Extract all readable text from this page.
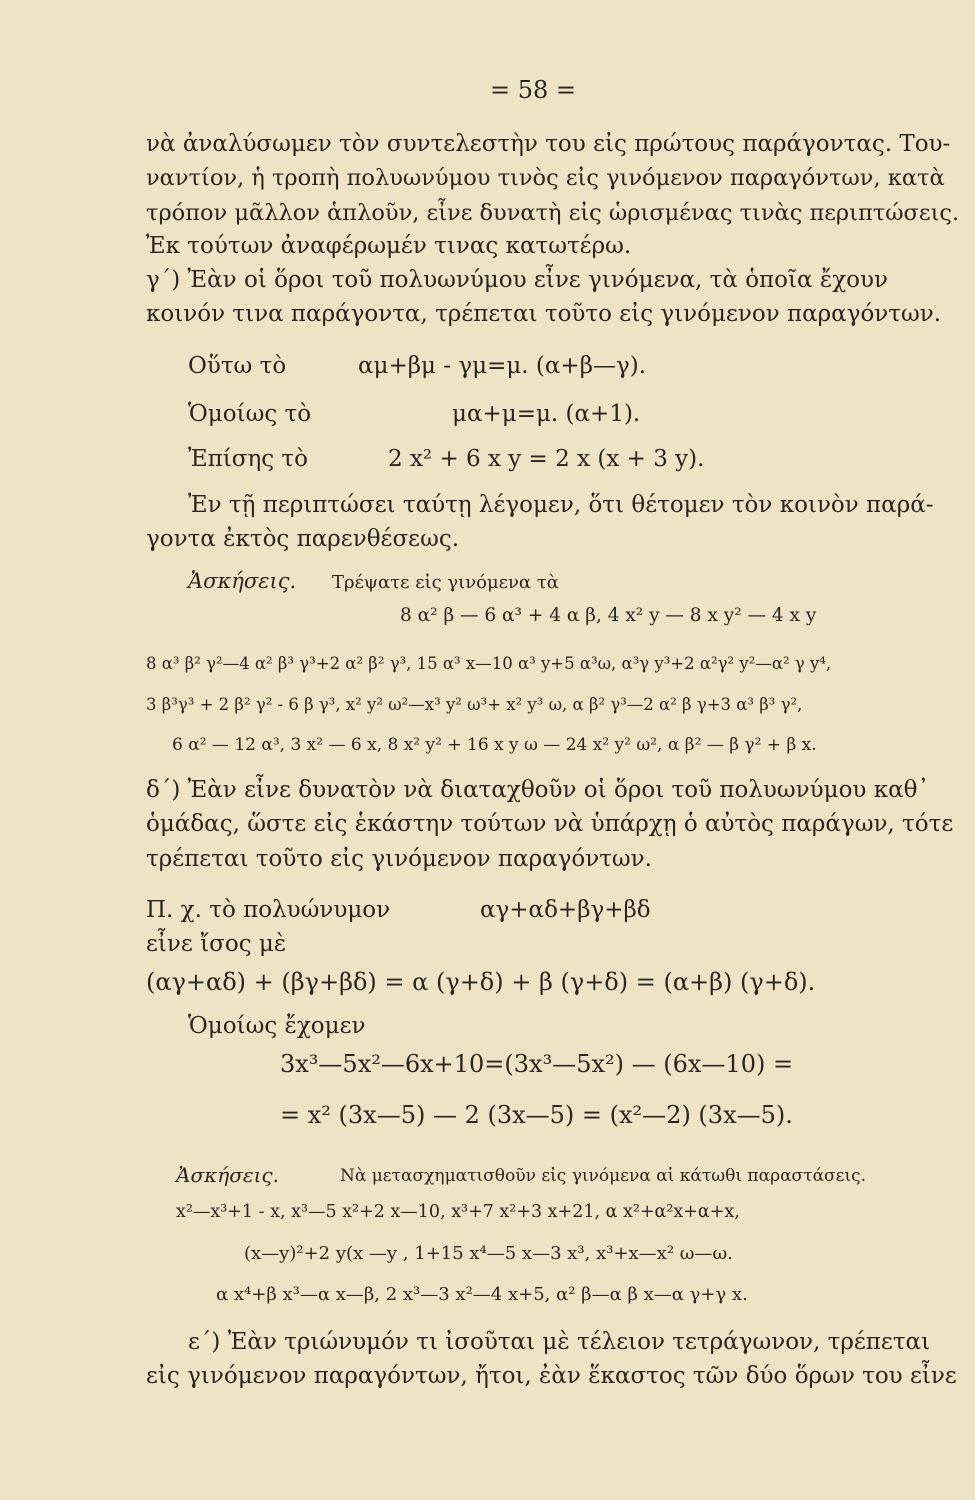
= 58 =
νὰ ἀναλύσωμεν τὸν συντελεστὴν του εἰς πρώτους παράγοντας. Του-
ναντίον, ἡ τροπὴ πολυωνύμου τινὸς εἰς γινόμενον παραγόντων, κατὰ
τρόπον μᾶλλον ἁπλοῦν, εἶνε δυνατὴ εἰς ὡρισμένας τινὰς περιπτώσεις.
Ἐκ τούτων ἀναφέρωμέν τινας κατωτέρω.
γ΄) Ἐὰν οἱ ὅροι τοῦ πολυωνύμου εἶνε γινόμενα, τὰ ὁποῖα ἔχουν
κοινόν τινα παράγοντα, τρέπεται τοῦτο εἰς γινόμενον παραγόντων.
Οὕτω τὸ	αμ+βμ - γμ=μ. (α+β—γ).
Ὁμοίως τὸ	μα+μ=μ. (α+1).
Ἐπίσης τὸ	2 x² + 6 x y = 2 x (x + 3 y).
Ἐν τῇ περιπτώσει ταύτῃ λέγομεν, ὅτι θέτομεν τὸν κοινὸν παρά-
γοντα ἐκτὸς παρενθέσεως.
Ἀσκήσεις. Τρέψατε εἰς γινόμενα τὰ
8 α² β — 6 α³ + 4 α β, 4 x² y — 8 x y² — 4 x y
8 α³ β² γ²—4 α² β³ γ³+2 α² β² γ³, 15 α³ x—10 α³ y+5 α³ω, α³γ y³+2 α²γ² y²—α² γ y⁴,
3 β³γ³ + 2 β² γ² - 6 β γ³, x² y² ω²—x³ y² ω³+ x² y³ ω, α β² γ³—2 α² β γ+3 α³ β³ γ²,
6 α² — 12 α³, 3 x² — 6 x, 8 x² y² + 16 x y ω — 24 x² y² ω², α β² — β γ² + β x.
δ΄) Ἐὰν εἶνε δυνατὸν νὰ διαταχθοῦν οἱ ὅροι τοῦ πολυωνύμου καθ᾽
ὁμάδας, ὥστε εἰς ἑκάστην τούτων νὰ ὑπάρχῃ ὁ αὐτὸς παράγων, τότε
τρέπεται τοῦτο εἰς γινόμενον παραγόντων.
Π. χ. τὸ πολυώνυμον	αγ+αδ+βγ+βδ
εἶνε ἴσος μὲ
(αγ+αδ) + (βγ+βδ) = α (γ+δ) + β (γ+δ) = (α+β) (γ+δ).
Ὁμοίως ἔχομεν
3x³—5x²—6x+10=(3x³—5x²) — (6x—10) =
= x² (3x—5) — 2 (3x—5) = (x²—2) (3x—5).
Ἀσκήσεις.	Νὰ μετασχηματισθοῦν εἰς γινόμενα αἱ κάτωθι παραστάσεις.
x²—x³+1 - x, x³—5 x²+2 x—10, x³+7 x²+3 x+21, α x²+α²x+α+x,
(x—y)²+2 y(x —y , 1+15 x⁴—5 x—3 x³, x³+x—x² ω—ω.
α x⁴+β x³—α x—β, 2 x³—3 x²—4 x+5, α² β—α β x—α γ+γ x.
ε΄) Ἐὰν τριώνυμόν τι ἰσοῦται μὲ τέλειον τετράγωνον, τρέπεται
εἰς γινόμενον παραγόντων, ἤτοι, ἐὰν ἕκαστος τῶν δύο ὅρων του εἶνε
